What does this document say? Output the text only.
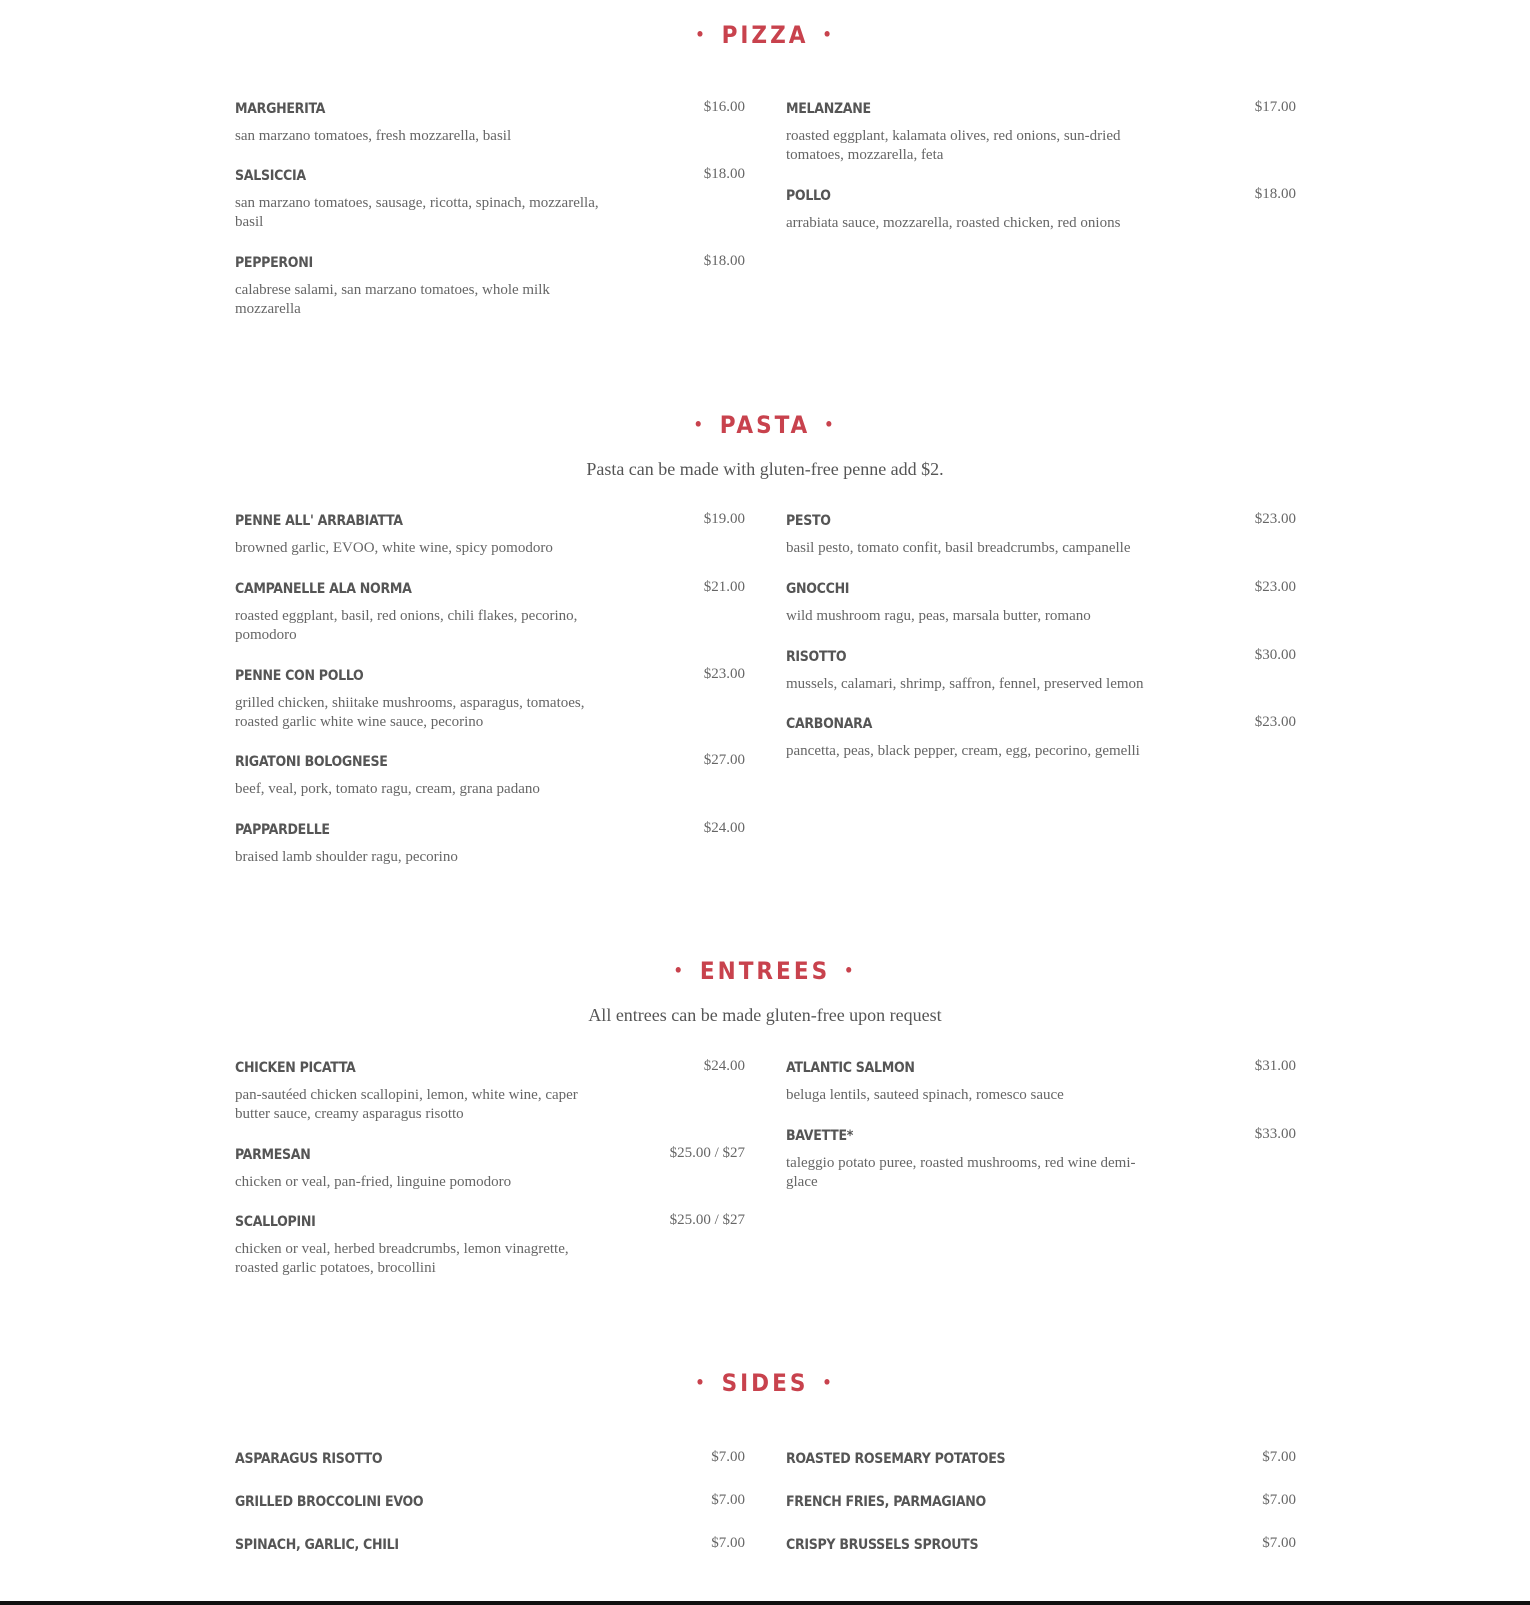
• PIZZA •
MARGHERITA	$16.00
san marzano tomatoes, fresh mozzarella, basil
SALSICCIA	$18.00
san marzano tomatoes, sausage, ricotta, spinach, mozzarella, basil
PEPPERONI	$18.00
calabrese salami, san marzano tomatoes, whole milk mozzarella
MELANZANE	$17.00
roasted eggplant, kalamata olives, red onions, sun-dried tomatoes, mozzarella, feta
POLLO	$18.00
arrabiata sauce, mozzarella, roasted chicken, red onions
• PASTA •
Pasta can be made with gluten-free penne add $2.
PENNE ALL' ARRABIATTA	$19.00
browned garlic, EVOO, white wine, spicy pomodoro
CAMPANELLE ALA NORMA	$21.00
roasted eggplant, basil, red onions, chili flakes, pecorino, pomodoro
PENNE CON POLLO	$23.00
grilled chicken, shiitake mushrooms, asparagus, tomatoes, roasted garlic white wine sauce, pecorino
RIGATONI BOLOGNESE	$27.00
beef, veal, pork, tomato ragu, cream, grana padano
PAPPARDELLE	$24.00
braised lamb shoulder ragu, pecorino
PESTO	$23.00
basil pesto, tomato confit, basil breadcrumbs, campanelle
GNOCCHI	$23.00
wild mushroom ragu, peas, marsala butter, romano
RISOTTO	$30.00
mussels, calamari, shrimp, saffron, fennel, preserved lemon
CARBONARA	$23.00
pancetta, peas, black pepper, cream, egg, pecorino, gemelli
• ENTREES •
All entrees can be made gluten-free upon request
CHICKEN PICATTA	$24.00
pan-sautéed chicken scallopini, lemon, white wine, caper butter sauce, creamy asparagus risotto
PARMESAN	$25.00 / $27
chicken or veal, pan-fried, linguine pomodoro
SCALLOPINI	$25.00 / $27
chicken or veal, herbed breadcrumbs, lemon vinagrette, roasted garlic potatoes, brocollini
ATLANTIC SALMON	$31.00
beluga lentils, sauteed spinach, romesco sauce
BAVETTE*	$33.00
taleggio potato puree, roasted mushrooms, red wine demi-glace
• SIDES •
ASPARAGUS RISOTTO	$7.00
GRILLED BROCCOLINI EVOO	$7.00
SPINACH, GARLIC, CHILI	$7.00
ROASTED ROSEMARY POTATOES	$7.00
FRENCH FRIES, PARMAGIANO	$7.00
CRISPY BRUSSELS SPROUTS	$7.00
